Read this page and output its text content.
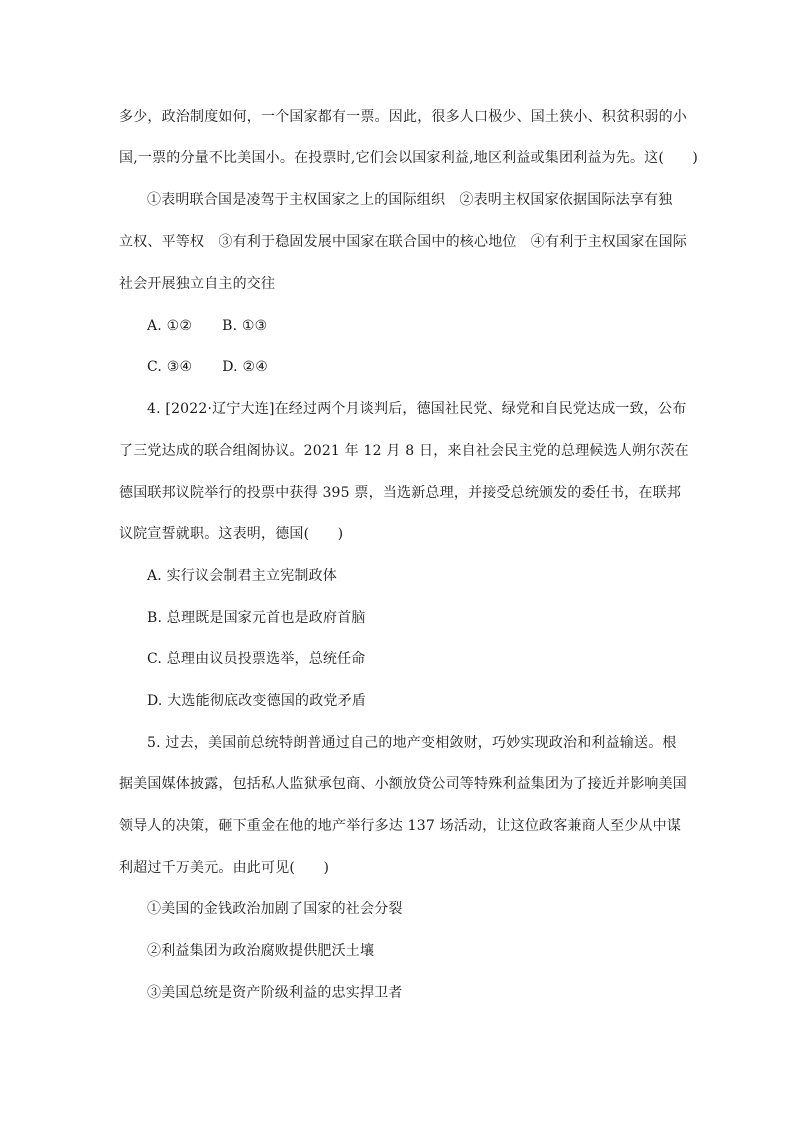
多少，政治制度如何，一个国家都有一票。因此，很多人口极少、国土狭小、积贫积弱的小
国,一票的分量不比美国小。在投票时,它们会以国家利益,地区利益或集团利益为先。这(　　)
①表明联合国是凌驾于主权国家之上的国际组织　②表明主权国家依据国际法享有独
立权、平等权　③有利于稳固发展中国家在联合国中的核心地位　④有利于主权国家在国际
社会开展独立自主的交往
A. ①② B. ①③
C. ③④ D. ②④
4. [2022·辽宁大连]在经过两个月谈判后，德国社民党、绿党和自民党达成一致，公布
了三党达成的联合组阁协议。2021 年 12 月 8 日，来自社会民主党的总理候选人朔尔茨在
德国联邦议院举行的投票中获得 395 票，当选新总理，并接受总统颁发的委任书，在联邦
议院宣誓就职。这表明，德国(　　)
A. 实行议会制君主立宪制政体
B. 总理既是国家元首也是政府首脑
C. 总理由议员投票选举，总统任命
D. 大选能彻底改变德国的政党矛盾
5. 过去，美国前总统特朗普通过自己的地产变相敛财，巧妙实现政治和利益输送。根
据美国媒体披露，包括私人监狱承包商、小额放贷公司等特殊利益集团为了接近并影响美国
领导人的决策，砸下重金在他的地产举行多达 137 场活动，让这位政客兼商人至少从中谋
利超过千万美元。由此可见(　　)
①美国的金钱政治加剧了国家的社会分裂
②利益集团为政治腐败提供肥沃土壤
③美国总统是资产阶级利益的忠实捍卫者
